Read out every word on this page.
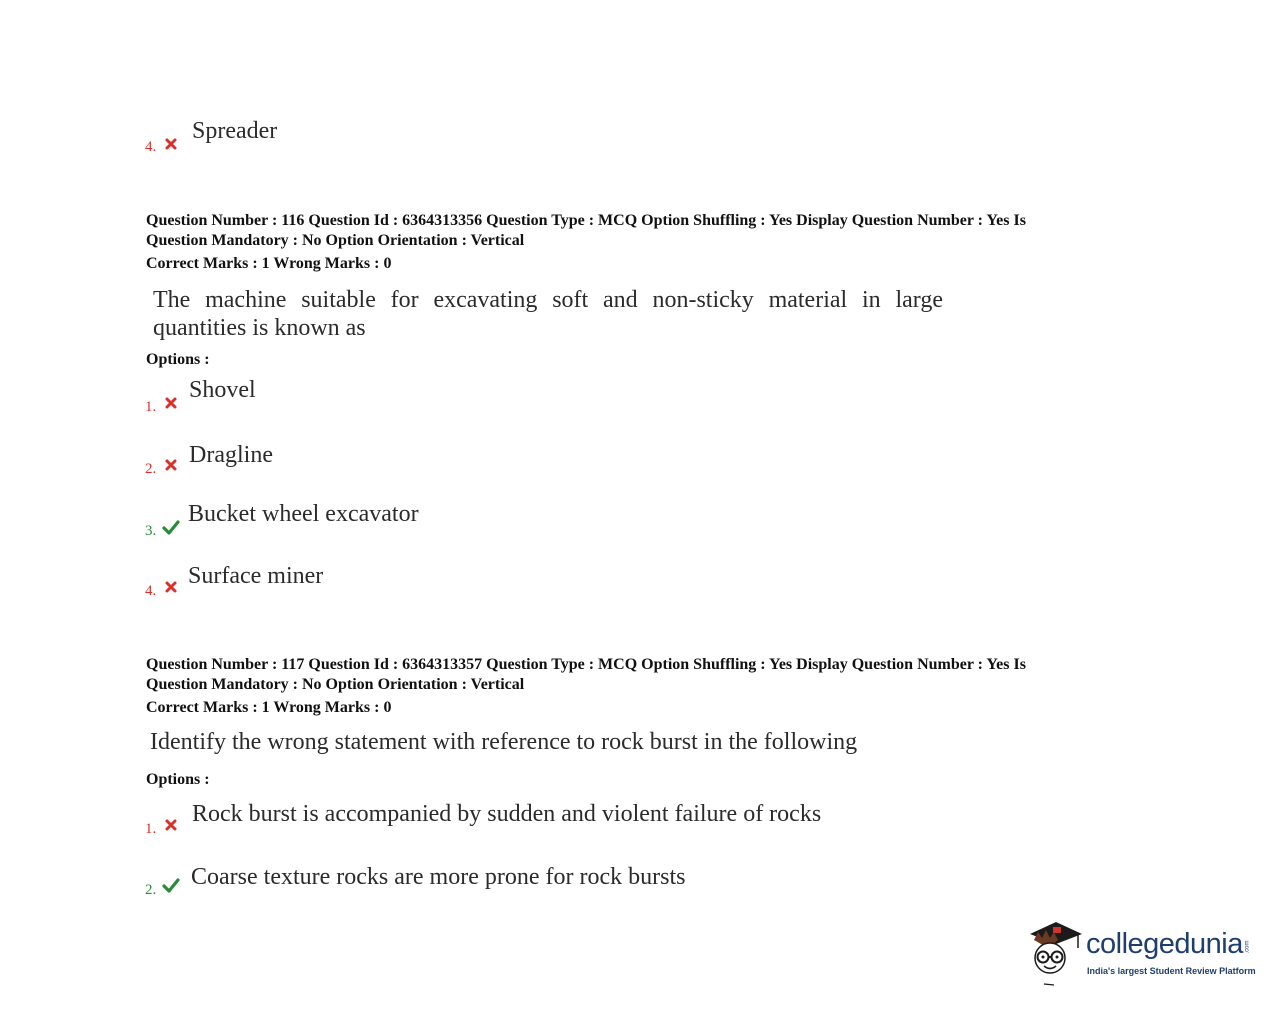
4.
Spreader
Question Number : 116 Question Id : 6364313356 Question Type : MCQ Option Shuffling : Yes Display Question Number : Yes Is
Question Mandatory : No Option Orientation : Vertical
Correct Marks : 1 Wrong Marks : 0
The machine suitable for excavating soft and non-sticky material in large
quantities is known as
Options :
1.
Shovel
2.
Dragline
3.
Bucket wheel excavator
4.
Surface miner
Question Number : 117 Question Id : 6364313357 Question Type : MCQ Option Shuffling : Yes Display Question Number : Yes Is
Question Mandatory : No Option Orientation : Vertical
Correct Marks : 1 Wrong Marks : 0
Identify the wrong statement with reference to rock burst in the following
Options :
1.
Rock burst is accompanied by sudden and violent failure of rocks
2. Coarse texture rocks are more prone for rock bursts
collegedunia .com
India's largest Student Review Platform
